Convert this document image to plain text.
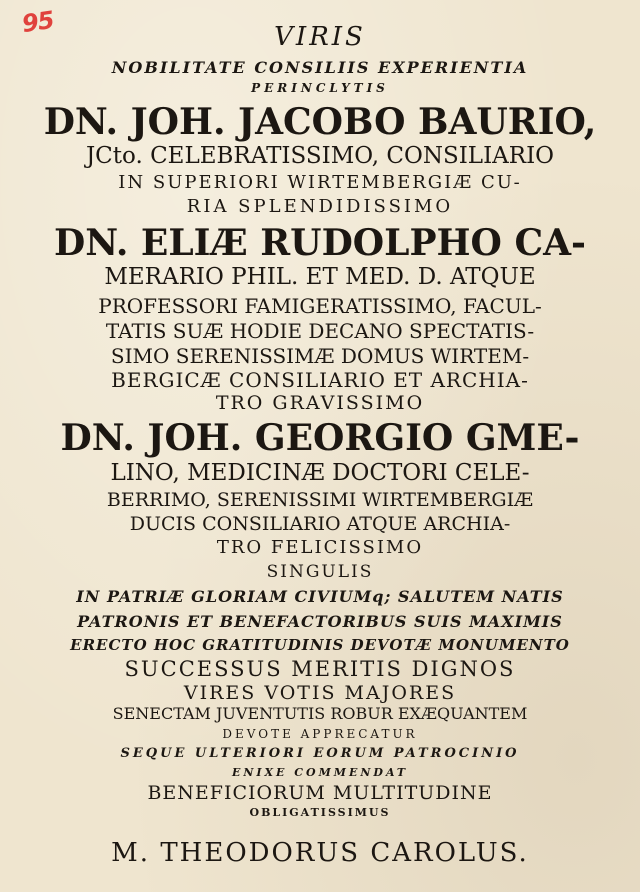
95	VIRIS
NOBILITATE CONSILIIS EXPERIENTIA
PERINCLYTIS
DN. JOH. JACOBO BAURIO,
JCto. CELEBRATISSIMO, CONSILIARIO
IN SUPERIORI WIRTEMBERGIÆ CU-
RIA SPLENDIDISSIMO
DN. ELIÆ RUDOLPHO CA-
MERARIO PHIL. ET MED. D. ATQUE
PROFESSORI FAMIGERATISSIMO, FACUL-
TATIS SUÆ HODIE DECANO SPECTATIS-
SIMO SERENISSIMÆ DOMUS WIRTEM-
BERGICÆ CONSILIARIO ET ARCHIA-
TRO GRAVISSIMO
DN. JOH. GEORGIO GME-
LINO, MEDICINÆ DOCTORI CELE-
BERRIMO, SERENISSIMI WIRTEMBERGIÆ
DUCIS CONSILIARIO ATQUE ARCHIA-
TRO FELICISSIMO
SINGULIS
IN PATRIÆ GLORIAM CIVIUMq; SALUTEM NATIS
PATRONIS ET BENEFACTORIBUS SUIS MAXIMIS
ERECTO HOC GRATITUDINIS DEVOTÆ MONUMENTO
SUCCESSUS MERITIS DIGNOS
VIRES VOTIS MAJORES
SENECTAM JUVENTUTIS ROBUR EXÆQUANTEM
DEVOTE APPRECATUR
SEQUE ULTERIORI EORUM PATROCINIO
ENIXE COMMENDAT
BENEFICIORUM MULTITUDINE
OBLIGATISSIMUS
M. THEODORUS CAROLUS.
